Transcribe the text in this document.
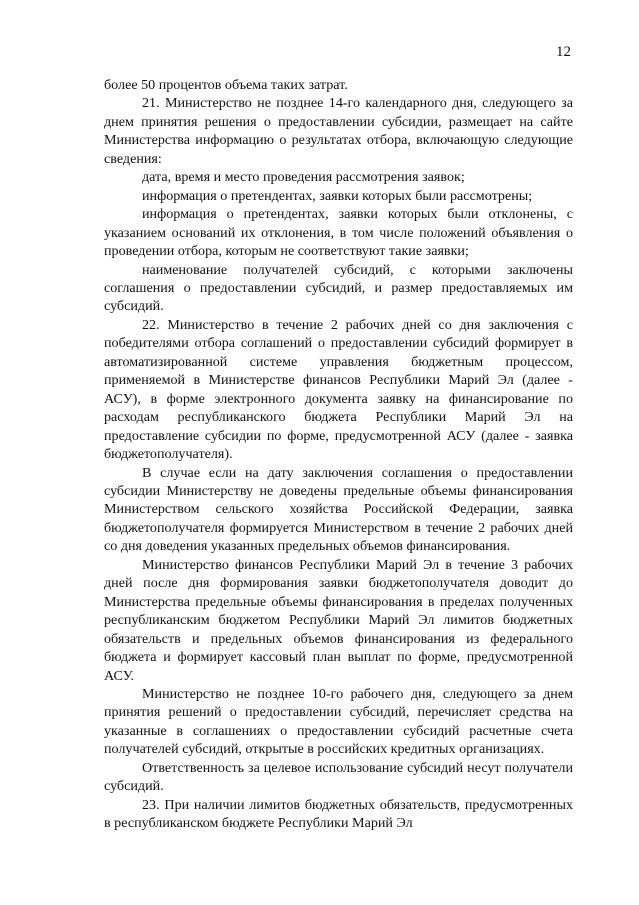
12

более 50 процентов объема таких затрат.

21. Министерство не позднее 14-го календарного дня, следующего за днем принятия решения о предоставлении субсидии, размещает на сайте Министерства информацию о результатах отбора, включающую следующие сведения:

дата, время и место проведения рассмотрения заявок;

информация о претендентах, заявки которых были рассмотрены;

информация о претендентах, заявки которых были отклонены, с указанием оснований их отклонения, в том числе положений объявления о проведении отбора, которым не соответствуют такие заявки;

наименование получателей субсидий, с которыми заключены соглашения о предоставлении субсидий, и размер предоставляемых им субсидий.

22. Министерство в течение 2 рабочих дней со дня заключения с победителями отбора соглашений о предоставлении субсидий формирует в автоматизированной системе управления бюджетным процессом, применяемой в Министерстве финансов Республики Марий Эл (далее - АСУ), в форме электронного документа заявку на финансирование по расходам республиканского бюджета Республики Марий Эл на предоставление субсидии по форме, предусмотренной АСУ (далее - заявка бюджетополучателя).

В случае если на дату заключения соглашения о предоставлении субсидии Министерству не доведены предельные объемы финансирования Министерством сельского хозяйства Российской Федерации, заявка бюджетополучателя формируется Министерством в течение 2 рабочих дней со дня доведения указанных предельных объемов финансирования.

Министерство финансов Республики Марий Эл в течение 3 рабочих дней после дня формирования заявки бюджетополучателя доводит до Министерства предельные объемы финансирования в пределах полученных республиканским бюджетом Республики Марий Эл лимитов бюджетных обязательств и предельных объемов финансирования из федерального бюджета и формирует кассовый план выплат по форме, предусмотренной АСУ.

Министерство не позднее 10-го рабочего дня, следующего за днем принятия решений о предоставлении субсидий, перечисляет средства на указанные в соглашениях о предоставлении субсидий расчетные счета получателей субсидий, открытые в российских кредитных организациях.

Ответственность за целевое использование субсидий несут получатели субсидий.

23. При наличии лимитов бюджетных обязательств, предусмотренных в республиканском бюджете Республики Марий Эл
